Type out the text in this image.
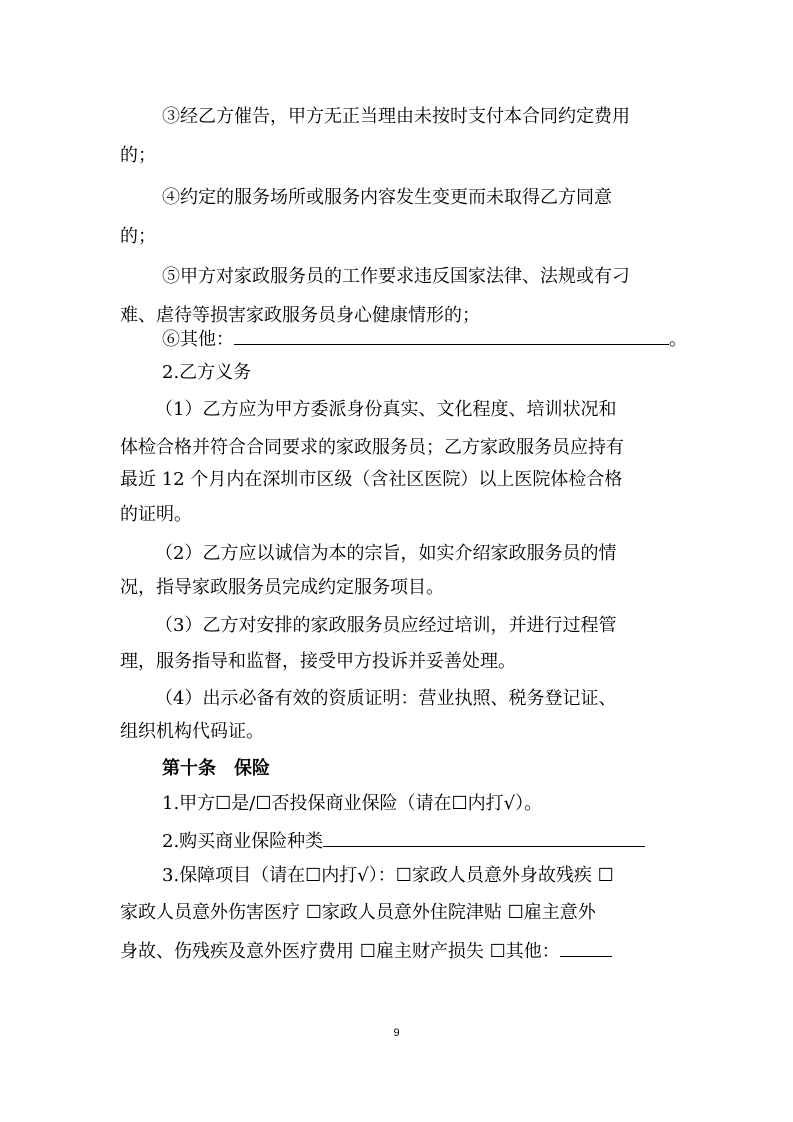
③经乙方催告，甲方无正当理由未按时支付本合同约定费用
的；
④约定的服务场所或服务内容发生变更而未取得乙方同意
的；
⑤甲方对家政服务员的工作要求违反国家法律、法规或有刁
难、虐待等损害家政服务员身心健康情形的；
⑥其他：	。
2.乙方义务
（1）乙方应为甲方委派身份真实、文化程度、培训状况和
体检合格并符合合同要求的家政服务员；乙方家政服务员应持有
最近 12 个月内在深圳市区级（含社区医院）以上医院体检合格
的证明。
（2）乙方应以诚信为本的宗旨，如实介绍家政服务员的情
况，指导家政服务员完成约定服务项目。
（3）乙方对安排的家政服务员应经过培训，并进行过程管
理，服务指导和监督，接受甲方投诉并妥善处理。
（4）出示必备有效的资质证明：营业执照、税务登记证、
组织机构代码证。
第十条　保险
1.甲方☐是/☐否投保商业保险（请在☐内打√）。
2.购买商业保险种类
3.保障项目（请在☐内打√）：☐家政人员意外身故残疾 ☐
家政人员意外伤害医疗 ☐家政人员意外住院津贴 ☐雇主意外
身故、伤残疾及意外医疗费用 ☐雇主财产损失 ☐其他：
9
